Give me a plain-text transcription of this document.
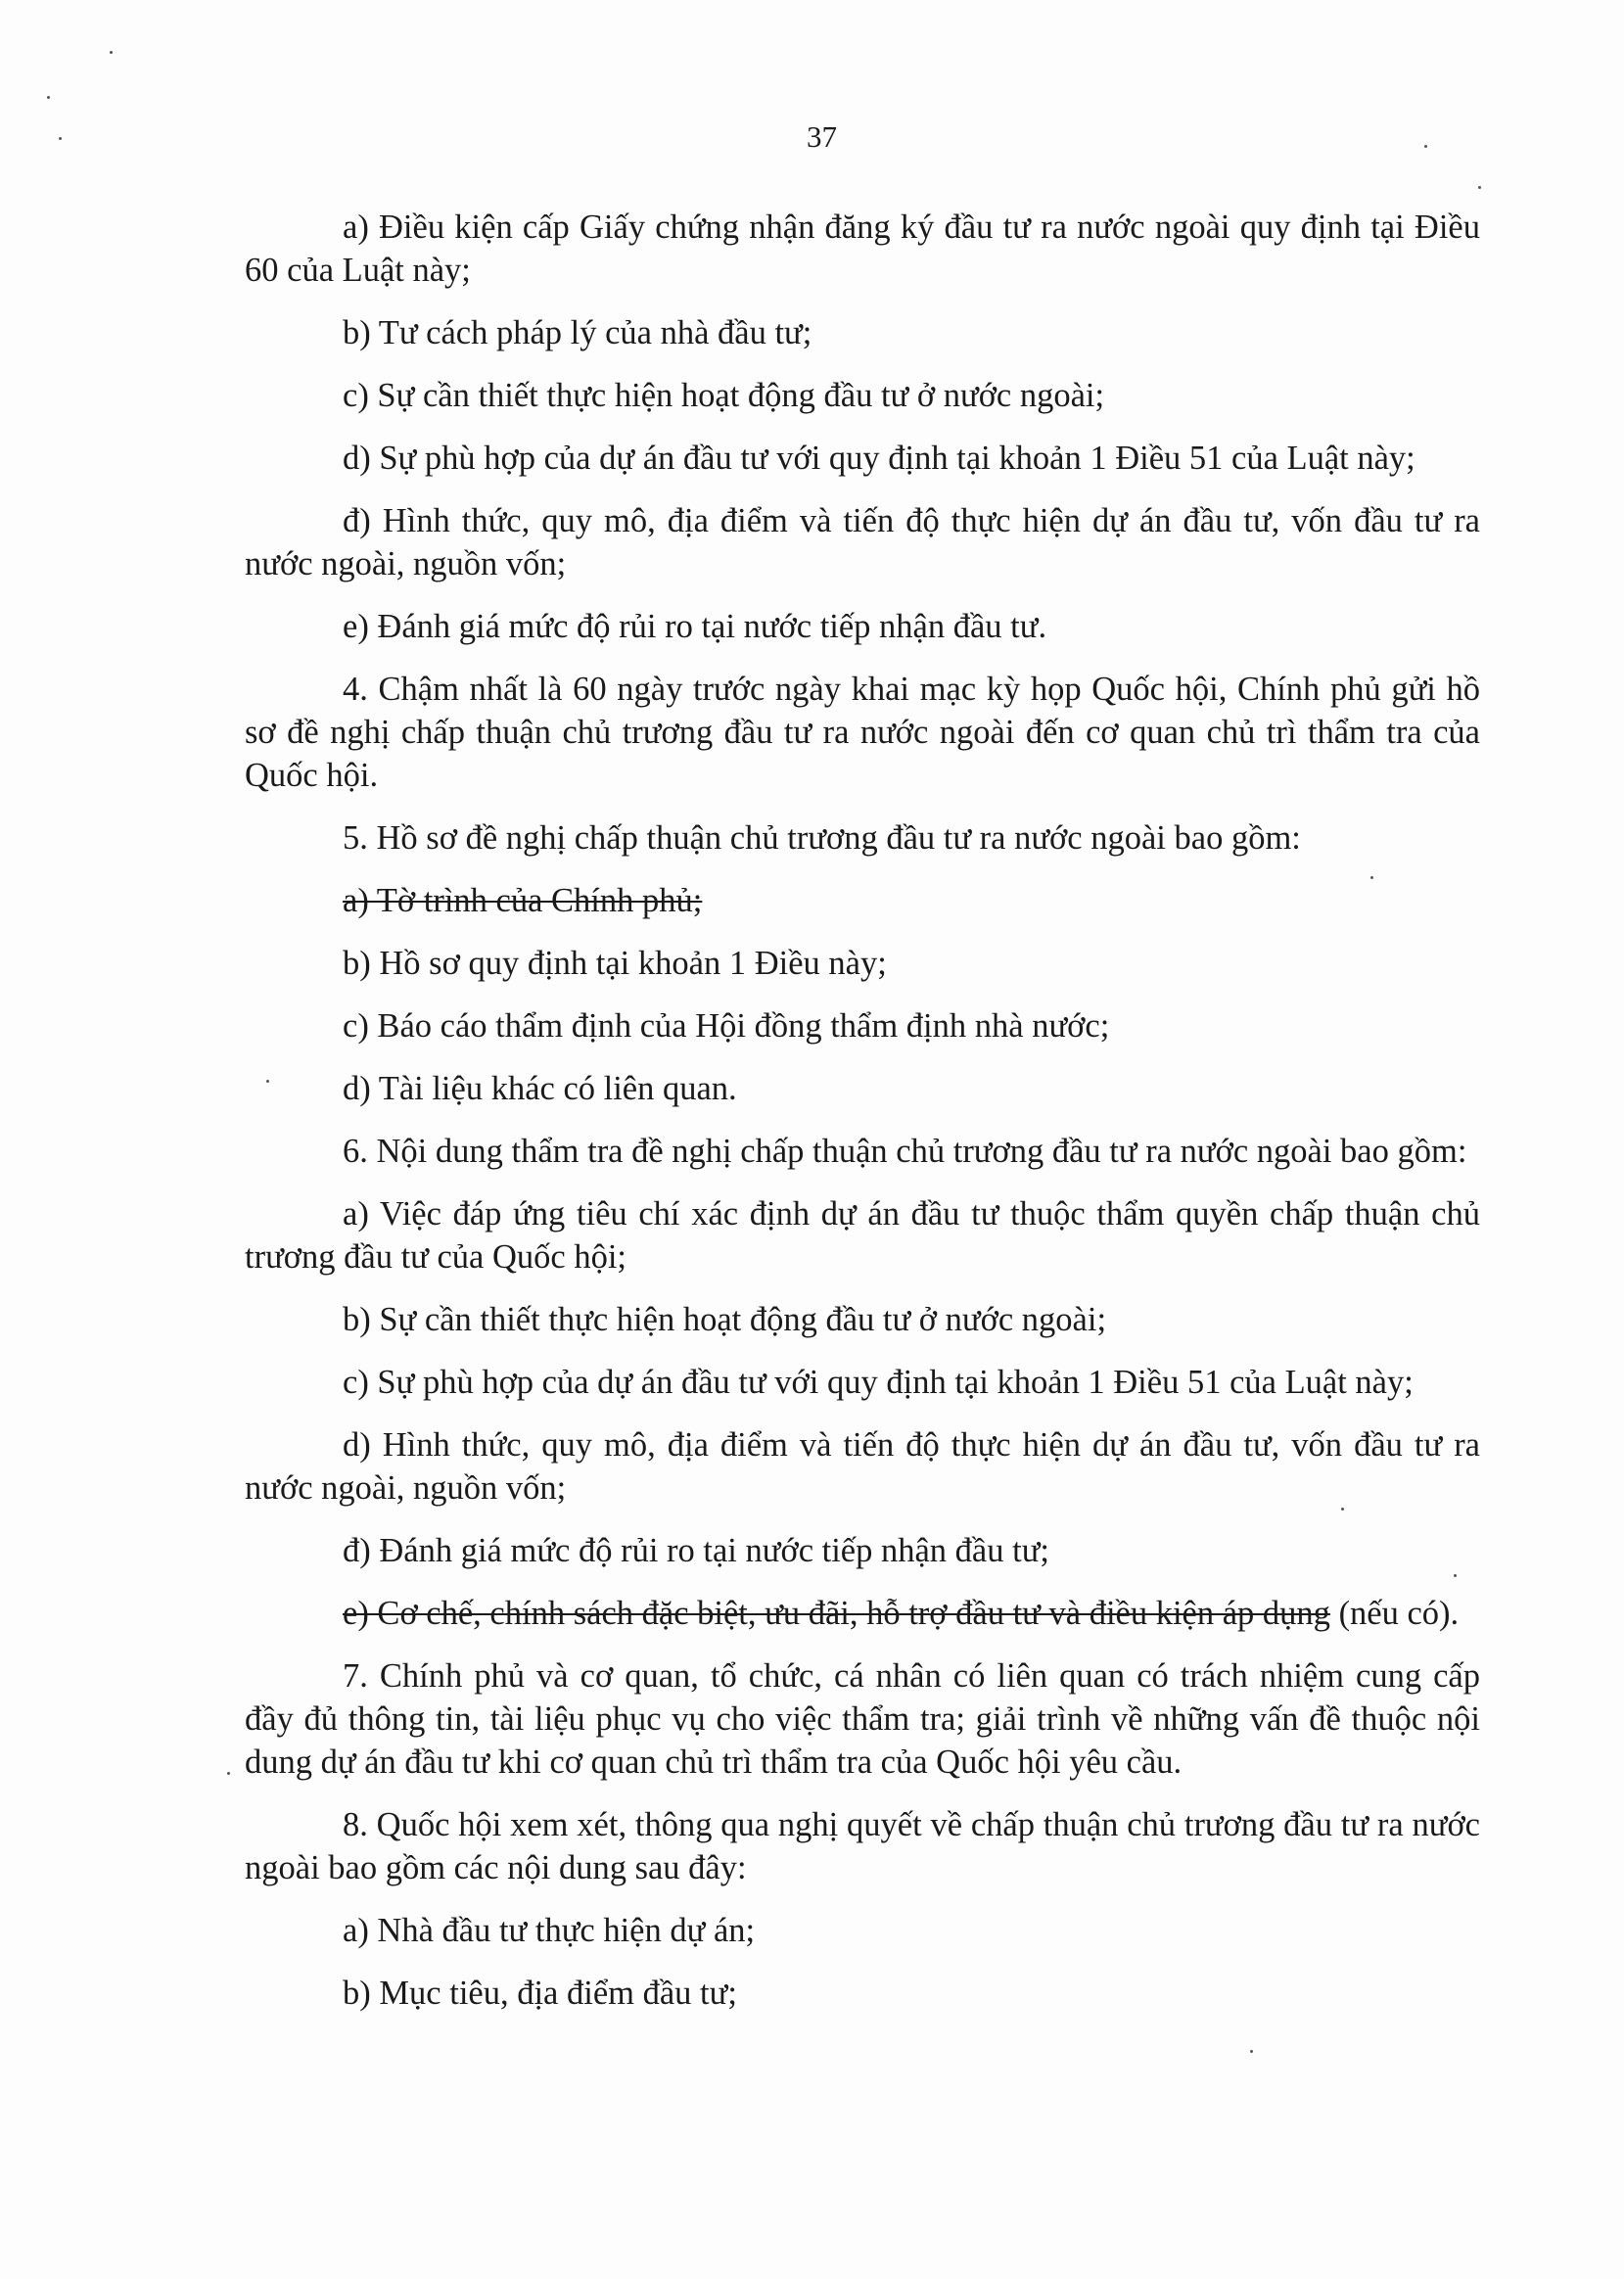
37

a) Điều kiện cấp Giấy chứng nhận đăng ký đầu tư ra nước ngoài quy định tại Điều 60 của Luật này;

b) Tư cách pháp lý của nhà đầu tư;

c) Sự cần thiết thực hiện hoạt động đầu tư ở nước ngoài;

d) Sự phù hợp của dự án đầu tư với quy định tại khoản 1 Điều 51 của Luật này;

đ) Hình thức, quy mô, địa điểm và tiến độ thực hiện dự án đầu tư, vốn đầu tư ra nước ngoài, nguồn vốn;

e) Đánh giá mức độ rủi ro tại nước tiếp nhận đầu tư.

4. Chậm nhất là 60 ngày trước ngày khai mạc kỳ họp Quốc hội, Chính phủ gửi hồ sơ đề nghị chấp thuận chủ trương đầu tư ra nước ngoài đến cơ quan chủ trì thẩm tra của Quốc hội.

5. Hồ sơ đề nghị chấp thuận chủ trương đầu tư ra nước ngoài bao gồm:

a) Tờ trình của Chính phủ;

b) Hồ sơ quy định tại khoản 1 Điều này;

c) Báo cáo thẩm định của Hội đồng thẩm định nhà nước;

d) Tài liệu khác có liên quan.

6. Nội dung thẩm tra đề nghị chấp thuận chủ trương đầu tư ra nước ngoài bao gồm:

a) Việc đáp ứng tiêu chí xác định dự án đầu tư thuộc thẩm quyền chấp thuận chủ trương đầu tư của Quốc hội;

b) Sự cần thiết thực hiện hoạt động đầu tư ở nước ngoài;

c) Sự phù hợp của dự án đầu tư với quy định tại khoản 1 Điều 51 của Luật này;

d) Hình thức, quy mô, địa điểm và tiến độ thực hiện dự án đầu tư, vốn đầu tư ra nước ngoài, nguồn vốn;

đ) Đánh giá mức độ rủi ro tại nước tiếp nhận đầu tư;

e) Cơ chế, chính sách đặc biệt, ưu đãi, hỗ trợ đầu tư và điều kiện áp dụng (nếu có).

7. Chính phủ và cơ quan, tổ chức, cá nhân có liên quan có trách nhiệm cung cấp đầy đủ thông tin, tài liệu phục vụ cho việc thẩm tra; giải trình về những vấn đề thuộc nội dung dự án đầu tư khi cơ quan chủ trì thẩm tra của Quốc hội yêu cầu.

8. Quốc hội xem xét, thông qua nghị quyết về chấp thuận chủ trương đầu tư ra nước ngoài bao gồm các nội dung sau đây:

a) Nhà đầu tư thực hiện dự án;

b) Mục tiêu, địa điểm đầu tư;
